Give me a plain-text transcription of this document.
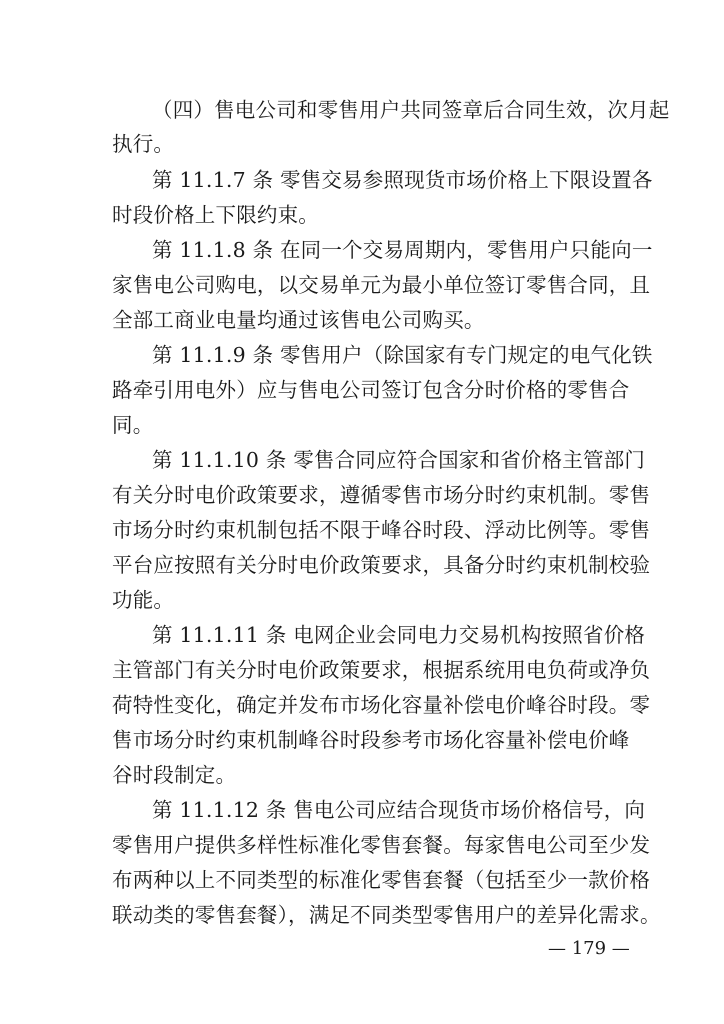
（四）售电公司和零售用户共同签章后合同生效，次月起
执行。
第 11.1.7 条 零售交易参照现货市场价格上下限设置各
时段价格上下限约束。
第 11.1.8 条 在同一个交易周期内，零售用户只能向一
家售电公司购电，以交易单元为最小单位签订零售合同，且
全部工商业电量均通过该售电公司购买。
第 11.1.9 条 零售用户（除国家有专门规定的电气化铁
路牵引用电外）应与售电公司签订包含分时价格的零售合
同。
第 11.1.10 条 零售合同应符合国家和省价格主管部门
有关分时电价政策要求，遵循零售市场分时约束机制。零售
市场分时约束机制包括不限于峰谷时段、浮动比例等。零售
平台应按照有关分时电价政策要求，具备分时约束机制校验
功能。
第 11.1.11 条 电网企业会同电力交易机构按照省价格
主管部门有关分时电价政策要求，根据系统用电负荷或净负
荷特性变化，确定并发布市场化容量补偿电价峰谷时段。零
售市场分时约束机制峰谷时段参考市场化容量补偿电价峰
谷时段制定。
第 11.1.12 条 售电公司应结合现货市场价格信号，向
零售用户提供多样性标准化零售套餐。每家售电公司至少发
布两种以上不同类型的标准化零售套餐（包括至少一款价格
联动类的零售套餐），满足不同类型零售用户的差异化需求。
— 179 —
